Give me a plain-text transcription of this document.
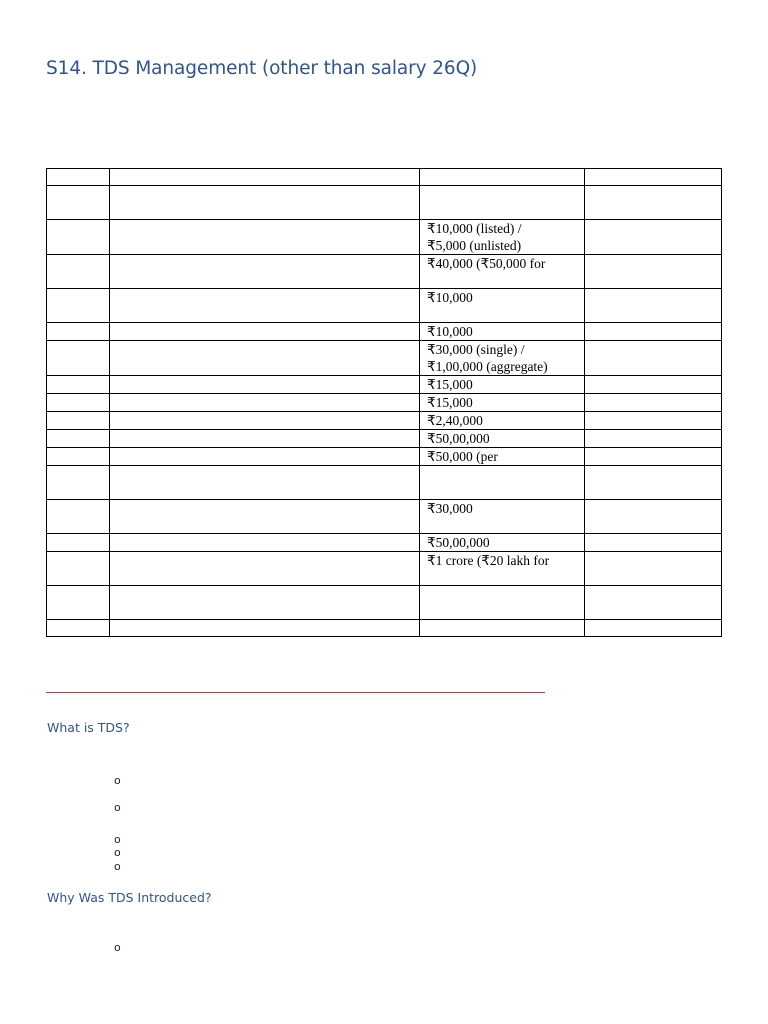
S14. TDS Management (other than salary 26Q)

		₹10,000 (listed) /
₹5,000 (unlisted)	
		₹40,000 (₹50,000 for	
		₹10,000	
		₹10,000	
		₹30,000 (single) /
₹1,00,000 (aggregate)	
		₹15,000	
		₹15,000	
		₹2,40,000	
		₹50,00,000	
		₹50,000 (per	

		₹30,000	
		₹50,00,000	
		₹1 crore (₹20 lakh for	

What is TDS?
o
o
o
o
o
Why Was TDS Introduced?
o
